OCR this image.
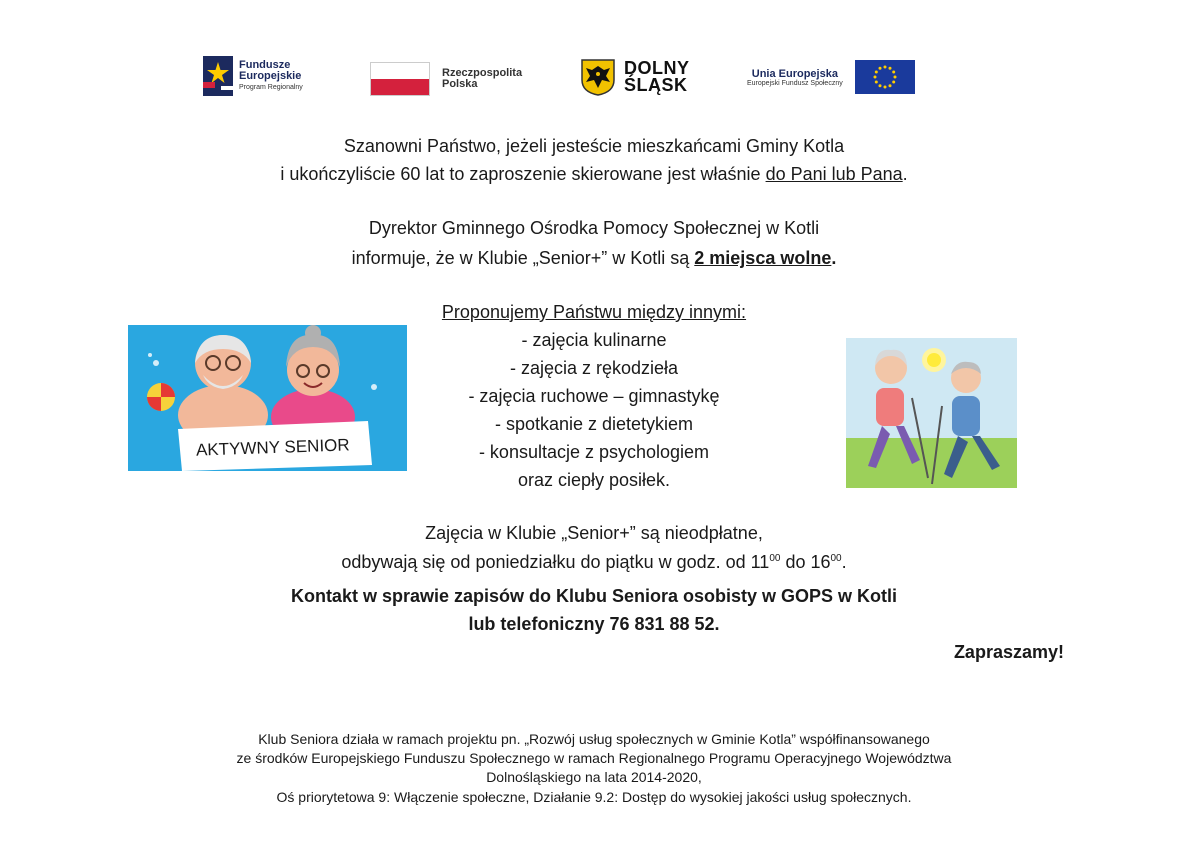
Fundusze
Europejskie
Program Regionalny
Rzeczpospolita
Polska
DOLNY
ŚLĄSK
Unia Europejska
Europejski Fundusz Społeczny
Szanowni Państwo, jeżeli jesteście mieszkańcami Gminy Kotla
i ukończyliście 60 lat to zaproszenie skierowane jest właśnie do Pani lub Pana.
Dyrektor Gminnego Ośrodka Pomocy Społecznej w Kotli
informuje, że w Klubie „Senior+” w Kotli są 2 miejsca wolne.
Proponujemy Państwu między innymi:
- zajęcia kulinarne
- zajęcia z rękodzieła
- zajęcia ruchowe – gimnastykę
- spotkanie z dietetykiem
- konsultacje z psychologiem
oraz ciepły posiłek.
AKTYWNY SENIOR
Zajęcia w Klubie „Senior+” są nieodpłatne,
odbywają się od poniedziałku do piątku w godz. od $11^{00}$ do $16^{00}$.
Kontakt w sprawie zapisów do Klubu Seniora osobisty w GOPS w Kotli
lub telefoniczny 76 831 88 52.
Zapraszamy!
Klub Seniora działa w ramach projektu pn. „Rozwój usług społecznych w Gminie Kotla” współfinansowanego
ze środków Europejskiego Funduszu Społecznego w ramach Regionalnego Programu Operacyjnego Województwa
Dolnośląskiego na lata 2014-2020,
Oś priorytetowa 9: Włączenie społeczne, Działanie 9.2: Dostęp do wysokiej jakości usług społecznych.
